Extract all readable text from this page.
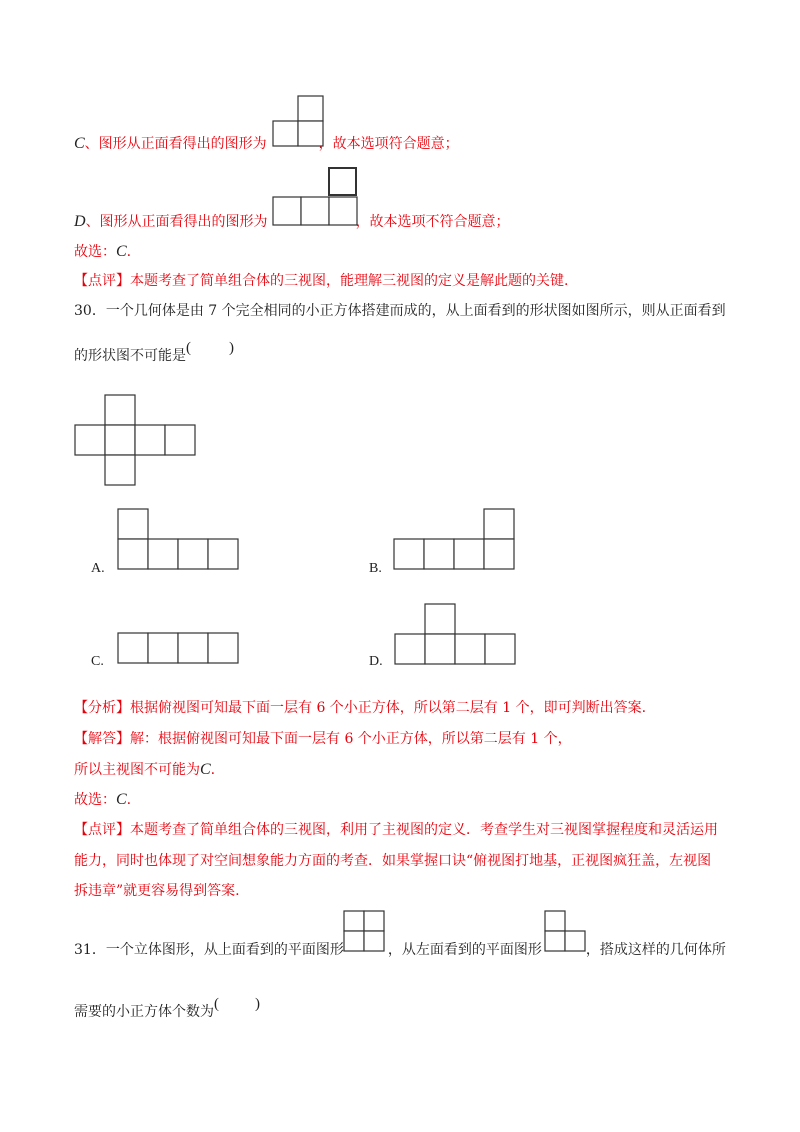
C、图形从正面看得出的图形为	，故本选项符合题意；
D、图形从正面看得出的图形为	，故本选项不符合题意；
故选：C.
【点评】本题考查了简单组合体的三视图，能理解三视图的定义是解此题的关键.
30．一个几何体是由 7 个完全相同的小正方体搭建而成的，从上面看到的形状图如图所示，则从正面看到
的形状图不可能是 (	)
A.	B.
C.	D.
【分析】根据俯视图可知最下面一层有 6 个小正方体，所以第二层有 1 个，即可判断出答案.
【解答】解：根据俯视图可知最下面一层有 6 个小正方体，所以第二层有 1 个，
所以主视图不可能为C.
故选：C.
【点评】本题考查了简单组合体的三视图，利用了主视图的定义．考查学生对三视图掌握程度和灵活运用
能力，同时也体现了对空间想象能力方面的考查．如果掌握口诀“俯视图打地基，正视图疯狂盖，左视图
拆违章”就更容易得到答案.
31．一个立体图形，从上面看到的平面图形	，从左面看到的平面图形	，搭成这样的几何体所
需要的小正方体个数为 ( )
